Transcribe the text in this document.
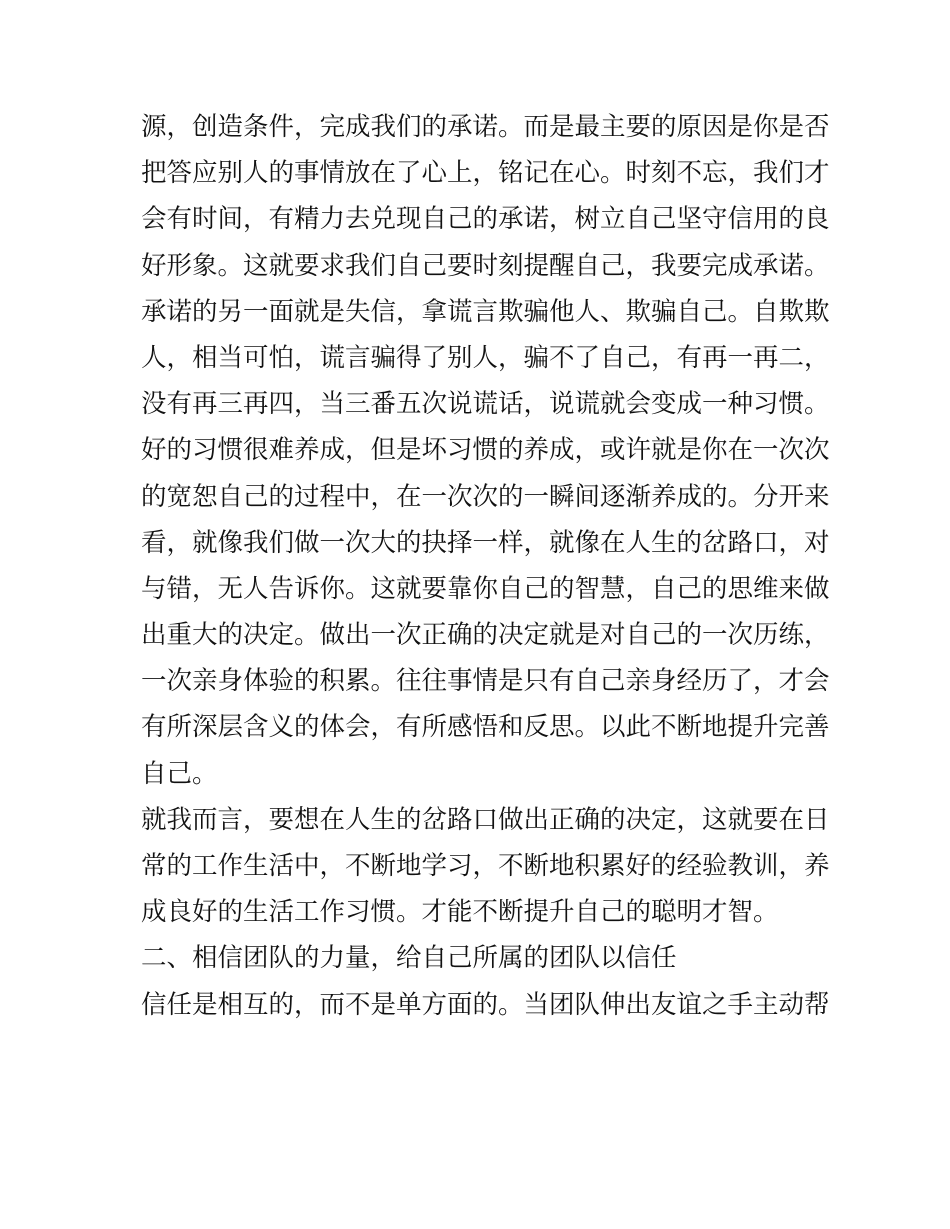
源，创造条件，完成我们的承诺。而是最主要的原因是你是否
把答应别人的事情放在了心上，铭记在心。时刻不忘，我们才
会有时间，有精力去兑现自己的承诺，树立自己坚守信用的良
好形象。这就要求我们自己要时刻提醒自己，我要完成承诺。
承诺的另一面就是失信，拿谎言欺骗他人、欺骗自己。自欺欺
人，相当可怕，谎言骗得了别人，骗不了自己，有再一再二，
没有再三再四，当三番五次说谎话，说谎就会变成一种习惯。
好的习惯很难养成，但是坏习惯的养成，或许就是你在一次次
的宽恕自己的过程中，在一次次的一瞬间逐渐养成的。分开来
看，就像我们做一次大的抉择一样，就像在人生的岔路口，对
与错，无人告诉你。这就要靠你自己的智慧，自己的思维来做
出重大的决定。做出一次正确的决定就是对自己的一次历练，
一次亲身体验的积累。往往事情是只有自己亲身经历了，才会
有所深层含义的体会，有所感悟和反思。以此不断地提升完善
自己。
就我而言，要想在人生的岔路口做出正确的决定，这就要在日
常的工作生活中，不断地学习，不断地积累好的经验教训，养
成良好的生活工作习惯。才能不断提升自己的聪明才智。
二、相信团队的力量，给自己所属的团队以信任
信任是相互的，而不是单方面的。当团队伸出友谊之手主动帮
